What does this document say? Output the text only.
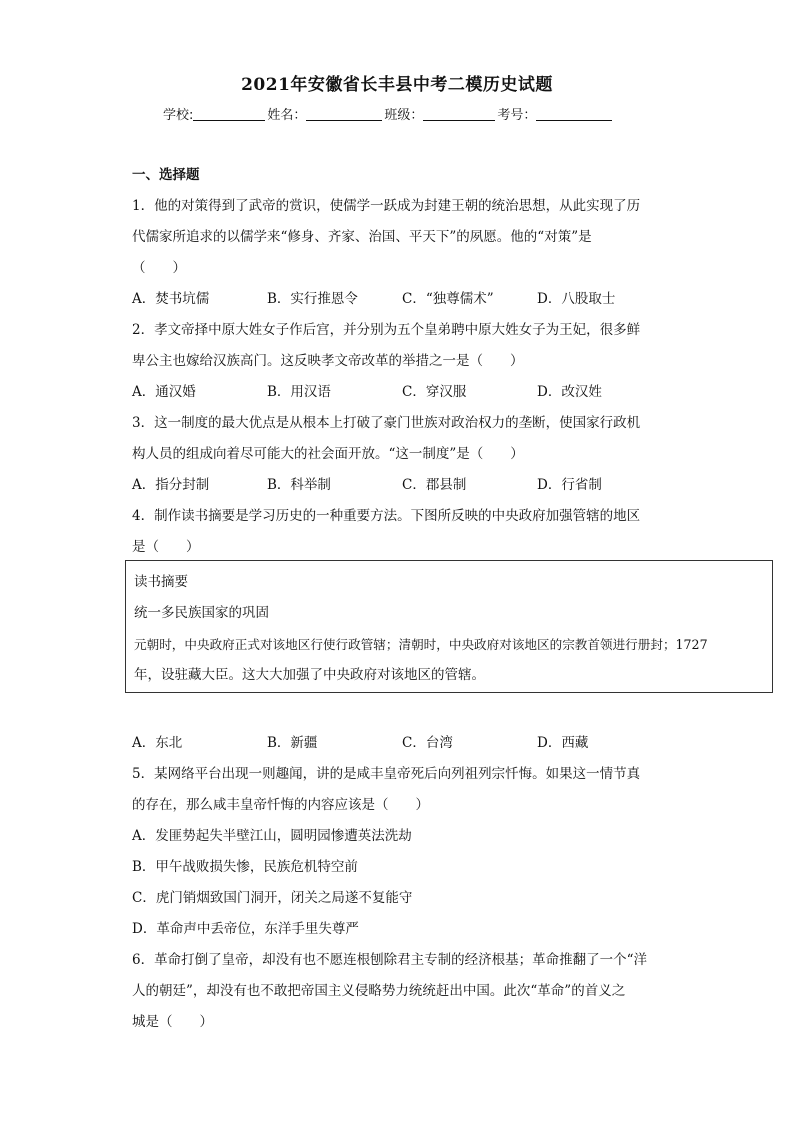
2021年安徽省长丰县中考二模历史试题
学校:	姓名：	班级：	考号：
一、选择题

1．他的对策得到了武帝的赏识，使儒学一跃成为封建王朝的统治思想，从此实现了历

代儒家所追求的以儒学来“修身、齐家、治国、平天下”的夙愿。他的“对策”是

（　　）

A．焚书坑儒	B．实行推恩令	C．“独尊儒术”	D．八股取士

2．孝文帝择中原大姓女子作后宫，并分别为五个皇弟聘中原大姓女子为王妃，很多鲜

卑公主也嫁给汉族高门。这反映孝文帝改革的举措之一是（　　）

A．通汉婚	B．用汉语	C．穿汉服	D．改汉姓

3．这一制度的最大优点是从根本上打破了豪门世族对政治权力的垄断，使国家行政机

构人员的组成向着尽可能大的社会面开放。“这一制度”是（　　）

A．指分封制	B．科举制	C．郡县制	D．行省制

4．制作读书摘要是学习历史的一种重要方法。下图所反映的中央政府加强管辖的地区

是（　　）

读书摘要

统一多民族国家的巩固

元朝时，中央政府正式对该地区行使行政管辖；清朝时，中央政府对该地区的宗教首领进行册封；1727

年，设驻藏大臣。这大大加强了中央政府对该地区的管辖。

A．东北	B．新疆	C．台湾	D．西藏

5．某网络平台出现一则趣闻，讲的是咸丰皇帝死后向列祖列宗忏悔。如果这一情节真

的存在，那么咸丰皇帝忏悔的内容应该是（　　）

A．发匪势起失半壁江山，圆明园惨遭英法洗劫

B．甲午战败损失惨，民族危机特空前

C．虎门销烟致国门洞开，闭关之局遂不复能守

D．革命声中丢帝位，东洋手里失尊严

6．革命打倒了皇帝，却没有也不愿连根刨除君主专制的经济根基；革命推翻了一个“洋

人的朝廷”，却没有也不敢把帝国主义侵略势力统统赶出中国。此次“革命”的首义之

城是（　　）
